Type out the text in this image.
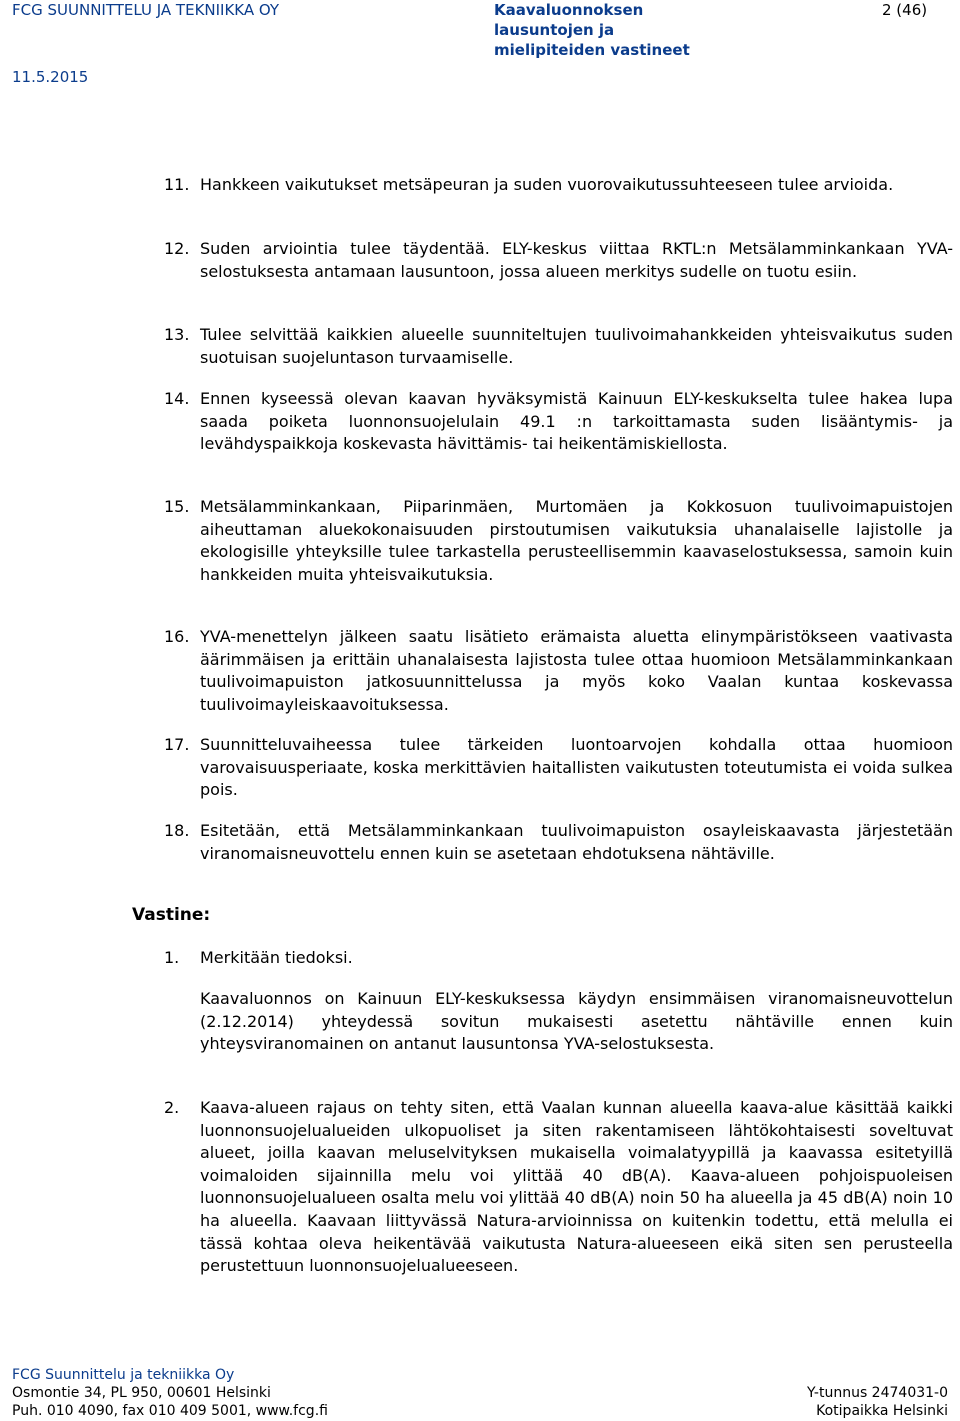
FCG SUUNNITTELU JA TEKNIIKKA OY	Kaavaluonnoksen
lausuntojen ja
mielipiteiden vastineet
2 (46)
11.5.2015
11. Hankkeen vaikutukset metsäpeuran ja suden vuorovaikutussuhteeseen tulee arvioida.
12. Suden arviointia tulee täydentää. ELY-keskus viittaa RKTL:n Metsälamminkankaan YVA-selostuksesta antamaan lausuntoon, jossa alueen merkitys sudelle on tuotu esiin.
13. Tulee selvittää kaikkien alueelle suunniteltujen tuulivoimahankkeiden yhteisvaikutus suden suotuisan suojeluntason turvaamiselle.
14. Ennen kyseessä olevan kaavan hyväksymistä Kainuun ELY-keskukselta tulee hakea lupa saada poiketa luonnonsuojelulain 49.1 :n tarkoittamasta suden lisääntymis- ja levähdyspaikkoja koskevasta hävittämis- tai heikentämiskiellosta.
15. Metsälamminkankaan, Piiparinmäen, Murtomäen ja Kokkosuon tuulivoimapuistojen aiheuttaman aluekokonaisuuden pirstoutumisen vaikutuksia uhanalaiselle lajistolle ja ekologisille yhteyksille tulee tarkastella perusteellisemmin kaavaselostuksessa, samoin kuin hankkeiden muita yhteisvaikutuksia.
16. YVA-menettelyn jälkeen saatu lisätieto erämaista aluetta elinympäristökseen vaativasta äärimmäisen ja erittäin uhanalaisesta lajistosta tulee ottaa huomioon Metsälamminkankaan tuulivoimapuiston jatkosuunnittelussa ja myös koko Vaalan kuntaa koskevassa tuulivoimayleiskaavoituksessa.
17. Suunnitteluvaiheessa tulee tärkeiden luontoarvojen kohdalla ottaa huomioon varovaisuusperiaate, koska merkittävien haitallisten vaikutusten toteutumista ei voida sulkea pois.
18. Esitetään, että Metsälamminkankaan tuulivoimapuiston osayleiskaavasta järjestetään viranomaisneuvottelu ennen kuin se asetetaan ehdotuksena nähtäville.
Vastine:
1.	Merkitään tiedoksi.
Kaavaluonnos on Kainuun ELY-keskuksessa käydyn ensimmäisen viranomaisneuvottelun (2.12.2014) yhteydessä sovitun mukaisesti asetettu nähtäville ennen kuin yhteysviranomainen on antanut lausuntonsa YVA-selostuksesta.
2.	Kaava-alueen rajaus on tehty siten, että Vaalan kunnan alueella kaava-alue käsittää kaikki luonnonsuojelualueiden ulkopuoliset ja siten rakentamiseen lähtökohtaisesti soveltuvat alueet, joilla kaavan meluselvityksen mukaisella voimalatyypillä ja kaavassa esitetyillä voimaloiden sijainnilla melu voi ylittää 40 dB(A). Kaava-alueen pohjoispuoleisen luonnonsuojelualueen osalta melu voi ylittää 40 dB(A) noin 50 ha alueella ja 45 dB(A) noin 10 ha alueella. Kaavaan liittyvässä Natura-arvioinnissa on kuitenkin todettu, että melulla ei tässä kohtaa oleva heikentävää vaikutusta Natura-alueeseen eikä siten sen perusteella perustettuun luonnonsuojelualueeseen.
FCG Suunnittelu ja tekniikka Oy
Osmontie 34, PL 950, 00601 Helsinki	Y-tunnus 2474031-0
Puh. 010 4090, fax 010 409 5001, www.fcg.fi	Kotipaikka Helsinki
